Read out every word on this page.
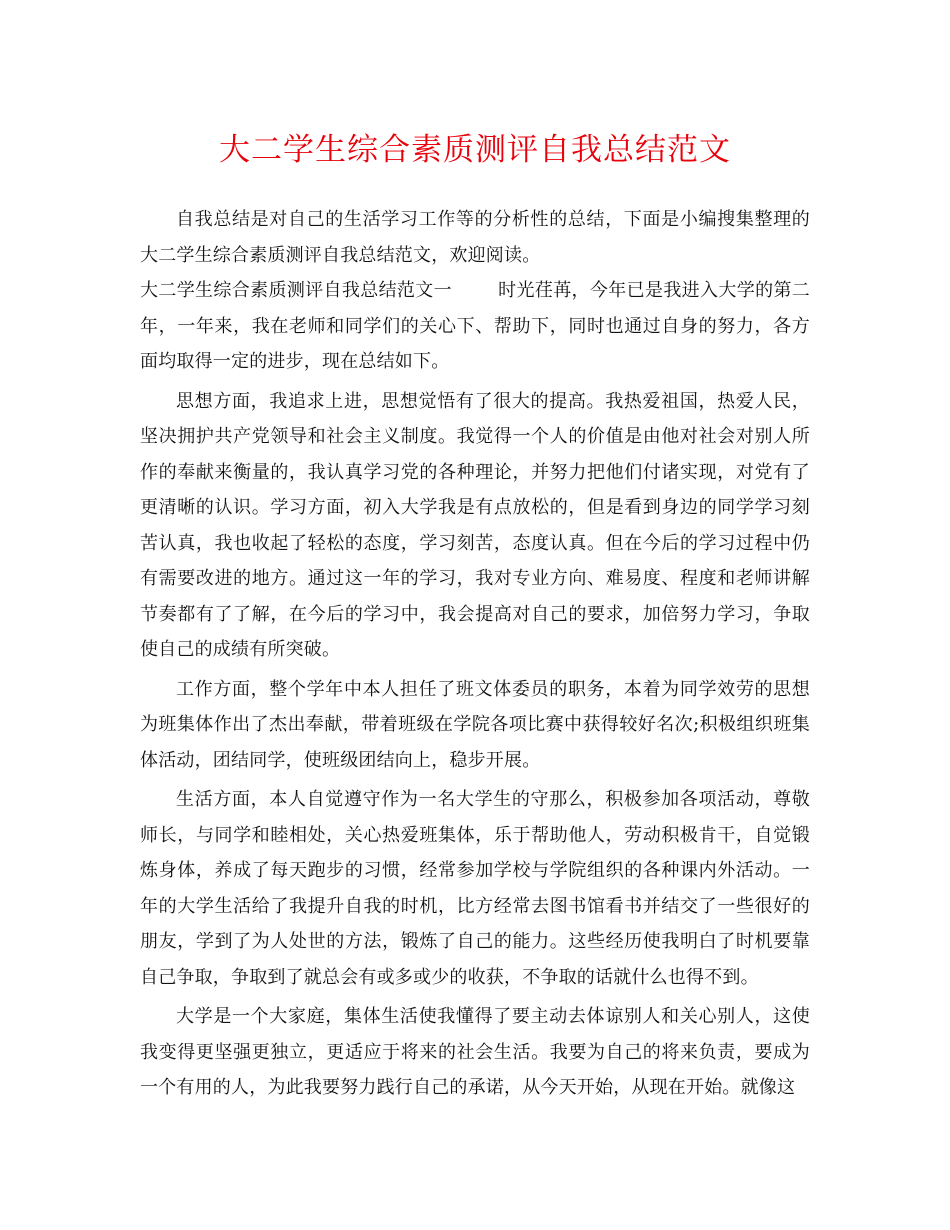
大二学生综合素质测评自我总结范文

自我总结是对自己的生活学习工作等的分析性的总结，下面是小编搜集整理的大二学生综合素质测评自我总结范文，欢迎阅读。

大二学生综合素质测评自我总结范文一	时光荏苒，今年已是我进入大学的第二年，一年来，我在老师和同学们的关心下、帮助下，同时也通过自身的努力，各方面均取得一定的进步，现在总结如下。

思想方面，我追求上进，思想觉悟有了很大的提高。我热爱祖国，热爱人民，坚决拥护共产党领导和社会主义制度。我觉得一个人的价值是由他对社会对别人所作的奉献来衡量的，我认真学习党的各种理论，并努力把他们付诸实现，对党有了更清晰的认识。学习方面，初入大学我是有点放松的，但是看到身边的同学学习刻苦认真，我也收起了轻松的态度，学习刻苦，态度认真。但在今后的学习过程中仍有需要改进的地方。通过这一年的学习，我对专业方向、难易度、程度和老师讲解节奏都有了了解，在今后的学习中，我会提高对自己的要求，加倍努力学习，争取使自己的成绩有所突破。

工作方面，整个学年中本人担任了班文体委员的职务，本着为同学效劳的思想为班集体作出了杰出奉献，带着班级在学院各项比赛中获得较好名次;积极组织班集体活动，团结同学，使班级团结向上，稳步开展。

生活方面，本人自觉遵守作为一名大学生的守那么，积极参加各项活动，尊敬师长，与同学和睦相处，关心热爱班集体，乐于帮助他人，劳动积极肯干，自觉锻炼身体，养成了每天跑步的习惯，经常参加学校与学院组织的各种课内外活动。一年的大学生活给了我提升自我的时机，比方经常去图书馆看书并结交了一些很好的朋友，学到了为人处世的方法，锻炼了自己的能力。这些经历使我明白了时机要靠自己争取，争取到了就总会有或多或少的收获，不争取的话就什么也得不到。

大学是一个大家庭，集体生活使我懂得了要主动去体谅别人和关心别人，这使我变得更坚强更独立，更适应于将来的社会生活。我要为自己的将来负责，要成为一个有用的人，为此我要努力践行自己的承诺，从今天开始，从现在开始。就像这
